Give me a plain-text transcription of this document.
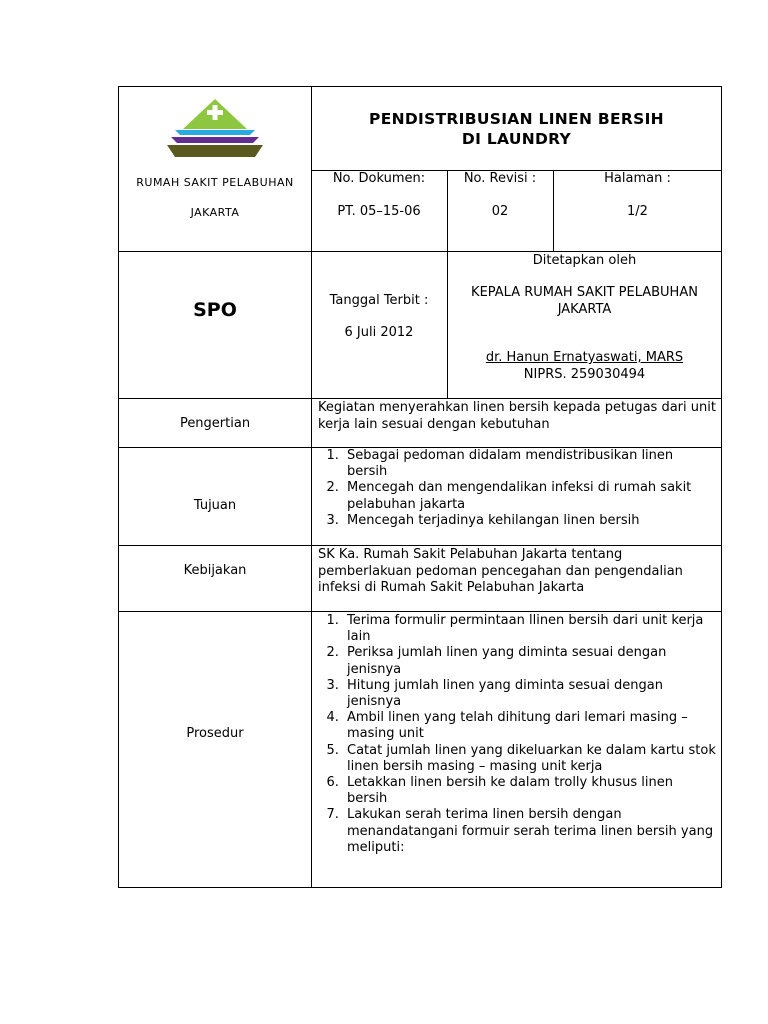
RUMAH SAKIT PELABUHAN
JAKARTA
PENDISTRIBUSIAN LINEN BERSIH
DI LAUNDRY
No. Dokumen:
PT. 05–15-06
No. Revisi :
02
Halaman :
1/2
SPO	Tanggal Terbit :
6 Juli 2012
Ditetapkan oleh
KEPALA RUMAH SAKIT PELABUHAN
JAKARTA
dr. Hanun Ernatyaswati, MARS
NIPRS. 259030494
Pengertian
Kegiatan menyerahkan linen bersih kepada petugas dari unit kerja lain sesuai dengan kebutuhan
Tujuan
1. Sebagai pedoman didalam mendistribusikan linen bersih
2. Mencegah dan mengendalikan infeksi di rumah sakit pelabuhan jakarta
3. Mencegah terjadinya kehilangan linen bersih
Kebijakan
SK Ka. Rumah Sakit Pelabuhan Jakarta tentang pemberlakuan pedoman pencegahan dan pengendalian infeksi di Rumah Sakit Pelabuhan Jakarta
Prosedur
1. Terima formulir permintaan llinen bersih dari unit kerja lain
2. Periksa jumlah linen yang diminta sesuai dengan jenisnya
3. Hitung jumlah linen yang diminta sesuai dengan jenisnya
4. Ambil linen yang telah dihitung dari lemari masing – masing unit
5. Catat jumlah linen yang dikeluarkan ke dalam kartu stok linen bersih masing – masing unit kerja
6. Letakkan linen bersih ke dalam trolly khusus linen bersih
7. Lakukan serah terima linen bersih dengan menandatangani formuir serah terima linen bersih yang meliputi:
